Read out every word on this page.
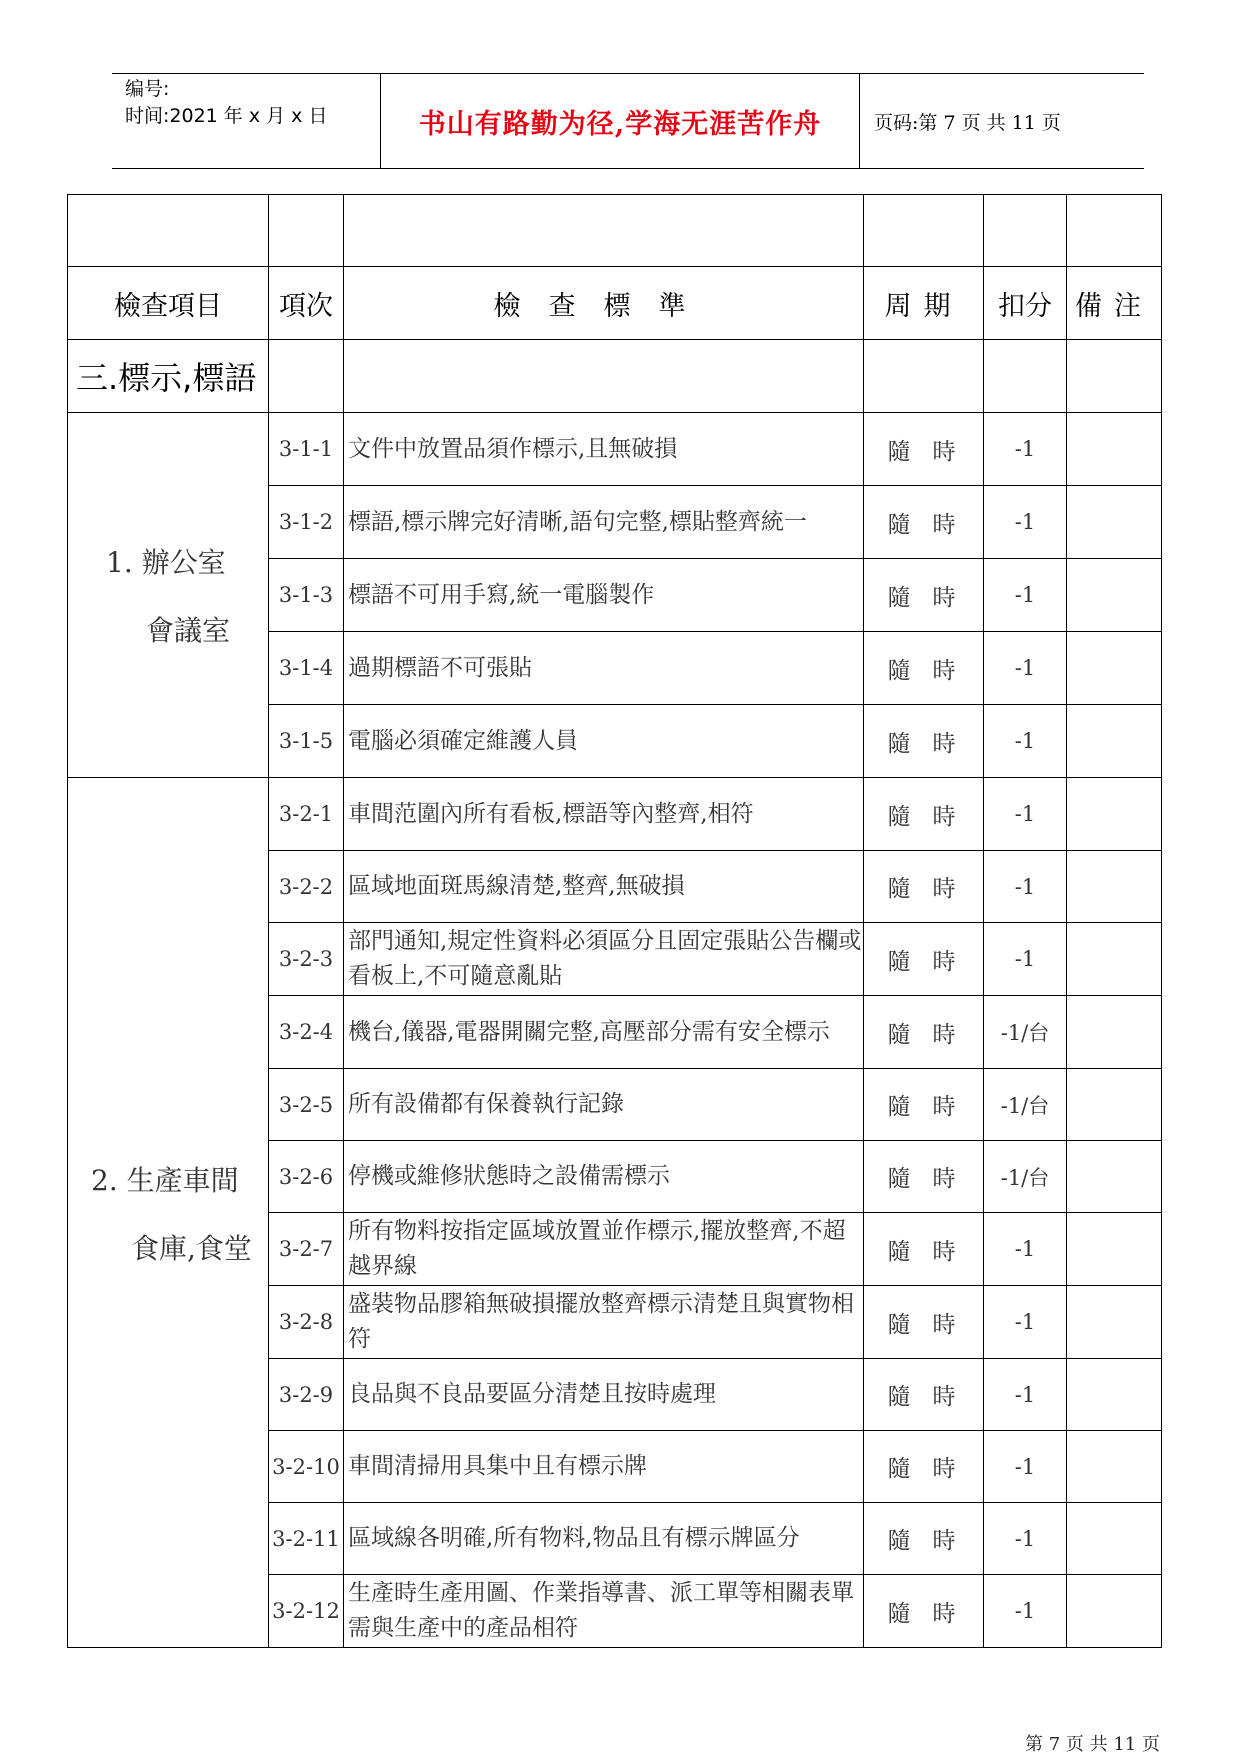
编号:
时间:2021 年 x 月 x 日	书山有路勤为径,学海无涯苦作舟	页码:第 7 页 共 11 页

檢查項目	項次	檢查標準	周期	扣分	備注
三.標示,標語					

1. 辦公室
會議室	3-1-1	文件中放置品須作標示,且無破損	隨時	-1	
	3-1-2	標語,標示牌完好清晰,語句完整,標貼整齊統一	隨時	-1	
	3-1-3	標語不可用手寫,統一電腦製作	隨時	-1	
	3-1-4	過期標語不可張貼	隨時	-1	
	3-1-5	電腦必須確定維護人員	隨時	-1	

2. 生產車間
食庫,食堂	3-2-1	車間范圍內所有看板,標語等內整齊,相符	隨時	-1	
	3-2-2	區域地面斑馬線清楚,整齊,無破損	隨時	-1	
	3-2-3	部門通知,規定性資料必須區分且固定張貼公告欄或看板上,不可隨意亂貼	隨時	-1	
	3-2-4	機台,儀器,電器開關完整,高壓部分需有安全標示	隨時	-1/台	
	3-2-5	所有設備都有保養執行記錄	隨時	-1/台	
	3-2-6	停機或維修狀態時之設備需標示	隨時	-1/台	
	3-2-7	所有物料按指定區域放置並作標示,擺放整齊,不超越界線	隨時	-1	
	3-2-8	盛裝物品膠箱無破損擺放整齊標示清楚且與實物相符	隨時	-1	
	3-2-9	良品與不良品要區分清楚且按時處理	隨時	-1	
	3-2-10	車間清掃用具集中且有標示牌	隨時	-1	
	3-2-11	區域線各明確,所有物料,物品且有標示牌區分	隨時	-1	
	3-2-12	生產時生產用圖、作業指導書、派工單等相關表單需與生產中的產品相符	隨時	-1	
第 7 页 共 11 页
